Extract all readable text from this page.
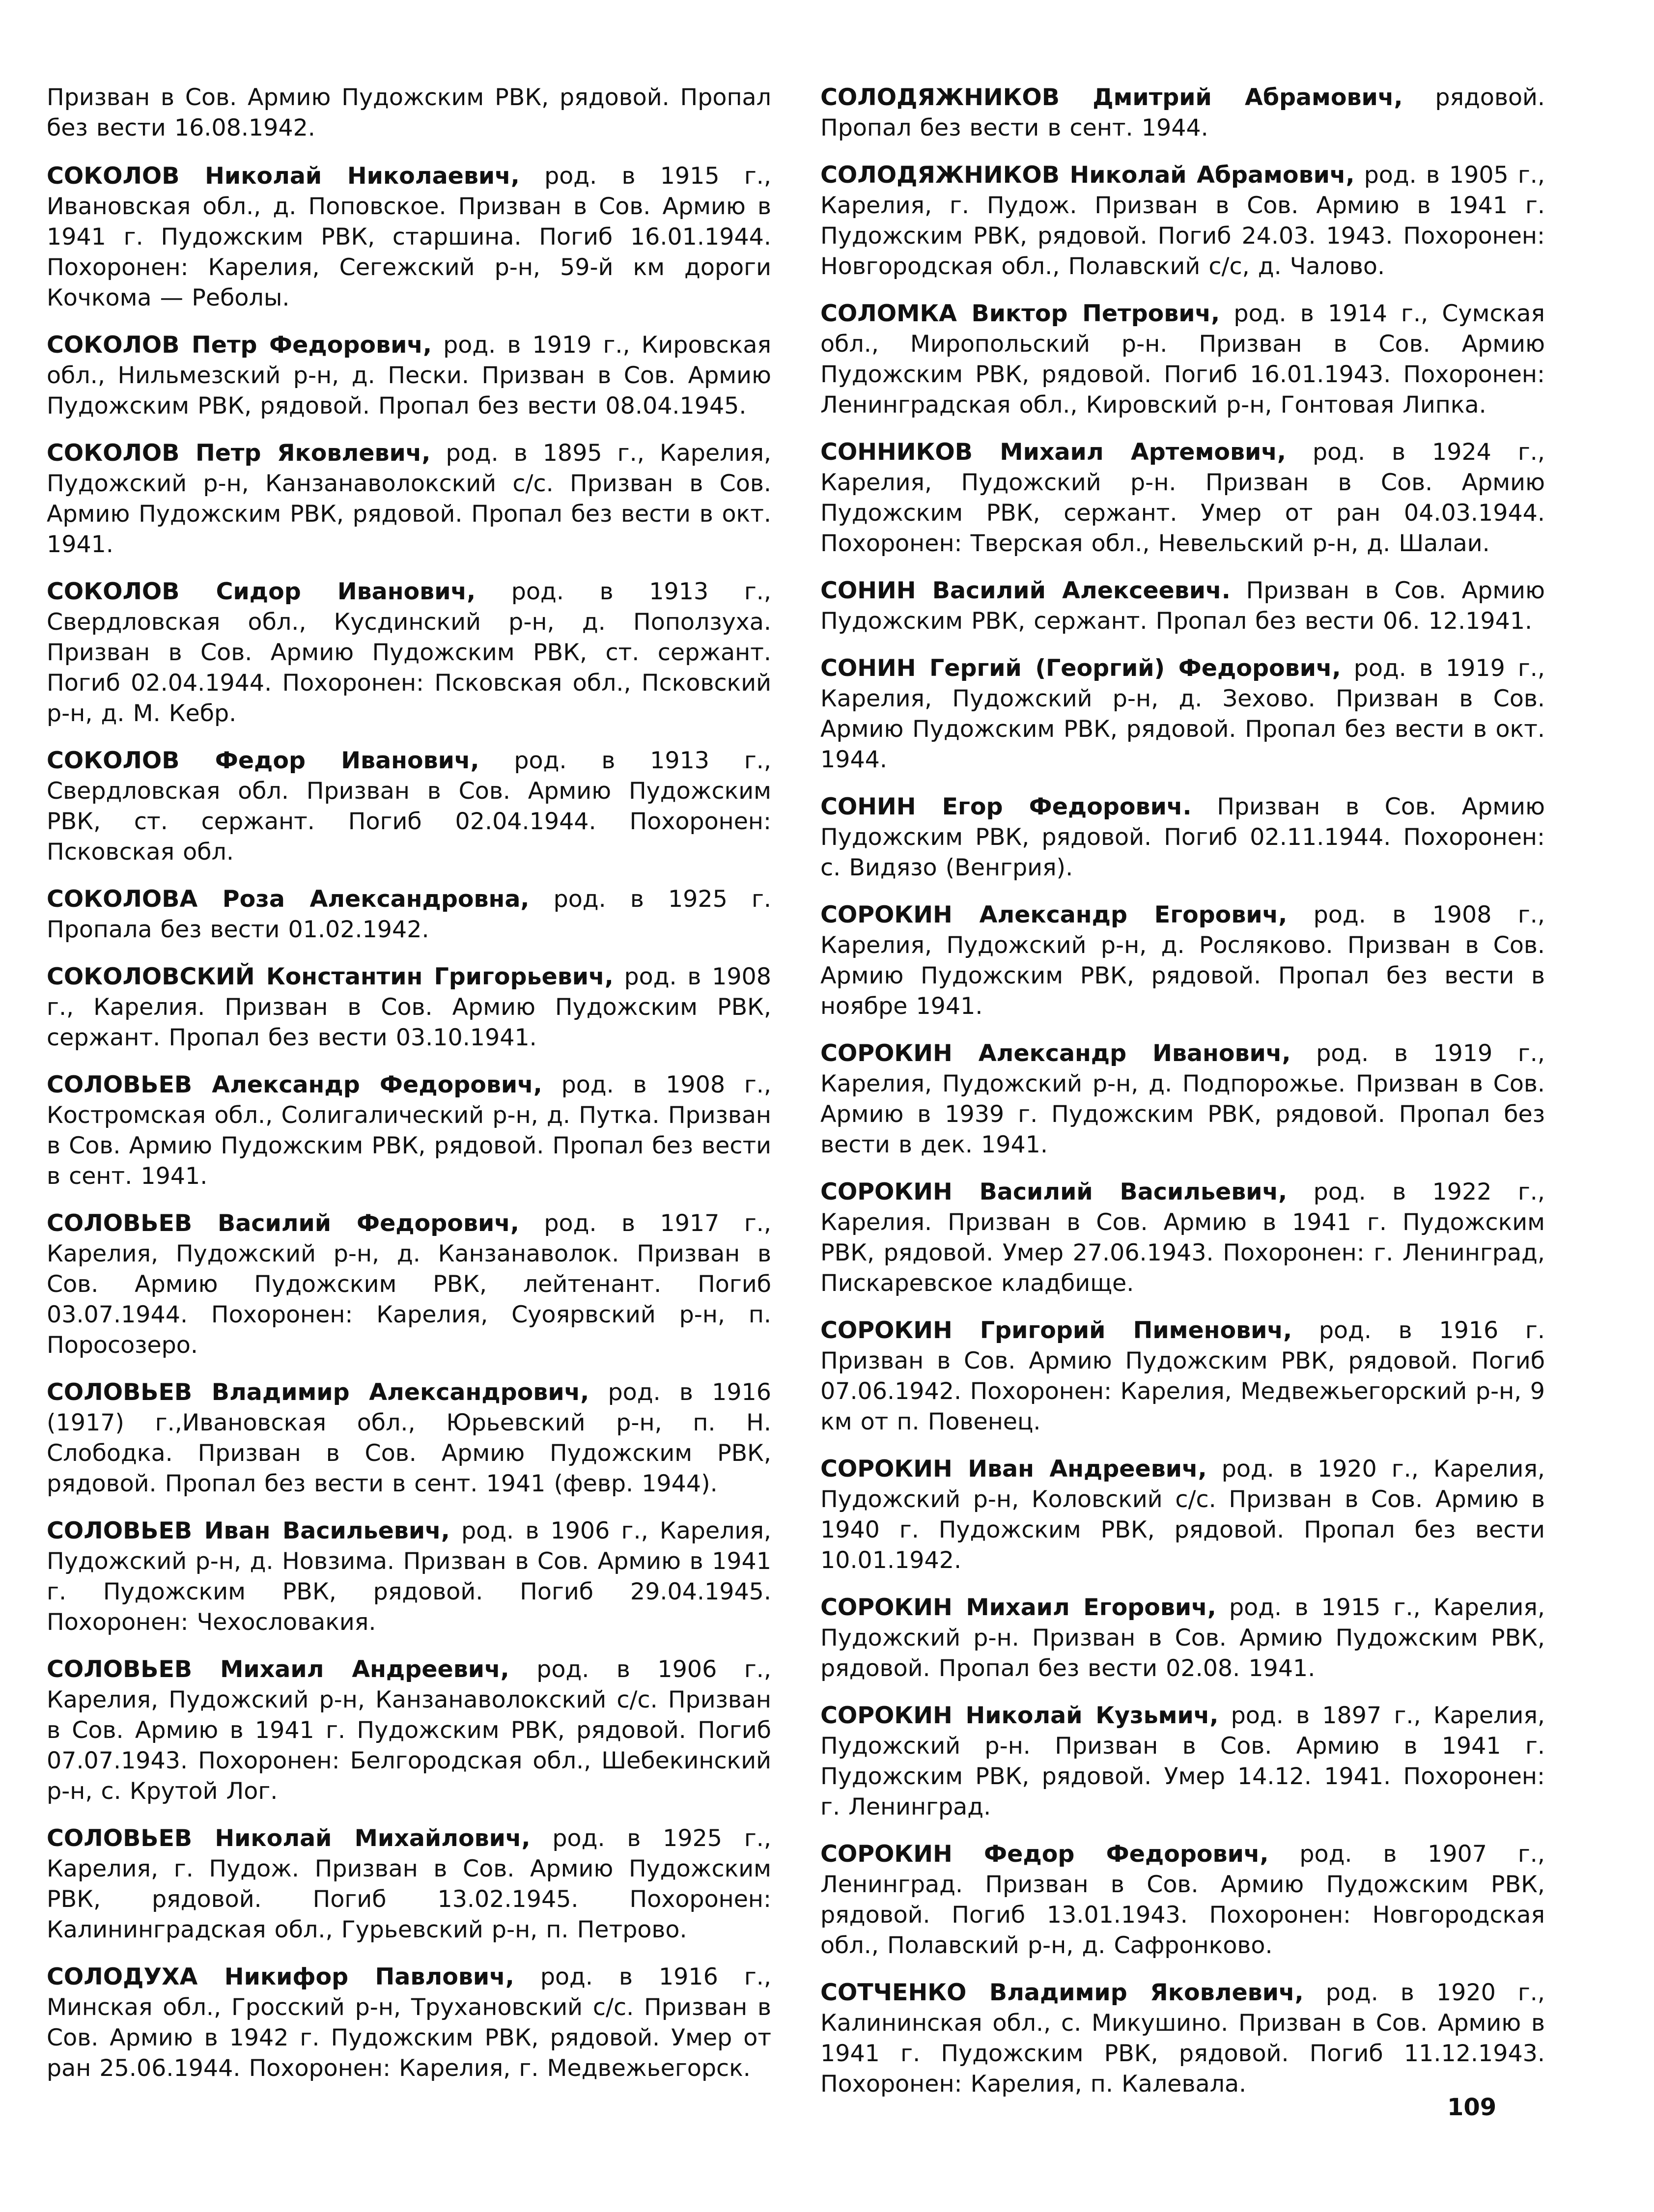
Призван в Сов. Армию Пудожским РВК, рядовой. Пропал без вести 16.08.1942.

СОКОЛОВ Николай Николаевич, род. в 1915 г., Ивановская обл., д. Поповское. Призван в Сов. Армию в 1941 г. Пудожским РВК, старшина. Погиб 16.01.1944. Похоронен: Карелия, Сегежский р-н, 59-й км дороги Кочкома — Реболы.

СОКОЛОВ Петр Федорович, род. в 1919 г., Кировская обл., Нильмезский р-н, д. Пески. Призван в Сов. Армию Пудожским РВК, рядовой. Пропал без вести 08.04.1945.

СОКОЛОВ Петр Яковлевич, род. в 1895 г., Карелия, Пудожский р-н, Канзанаволокский с/с. Призван в Сов. Армию Пудожским РВК, рядовой. Пропал без вести в окт. 1941.

СОКОЛОВ Сидор Иванович, род. в 1913 г., Свердловская обл., Кусдинский р-н, д. Поползуха. Призван в Сов. Армию Пудожским РВК, ст. сержант. Погиб 02.04.1944. Похоронен: Псковская обл., Псковский р-н, д. М. Кебр.

СОКОЛОВ Федор Иванович, род. в 1913 г., Свердловская обл. Призван в Сов. Армию Пудожским РВК, ст. сержант. Погиб 02.04.1944. Похоронен: Псковская обл.

СОКОЛОВА Роза Александровна, род. в 1925 г. Пропала без вести 01.02.1942.

СОКОЛОВСКИЙ Константин Григорьевич, род. в 1908 г., Карелия. Призван в Сов. Армию Пудожским РВК, сержант. Пропал без вести 03.10.1941.

СОЛОВЬЕВ Александр Федорович, род. в 1908 г., Костромская обл., Солигалический р-н, д. Путка. Призван в Сов. Армию Пудожским РВК, рядовой. Пропал без вести в сент. 1941.

СОЛОВЬЕВ Василий Федорович, род. в 1917 г., Карелия, Пудожский р-н, д. Канзанаволок. Призван в Сов. Армию Пудожским РВК, лейтенант. Погиб 03.07.1944. Похоронен: Карелия, Суоярвский р-н, п. Поросозеро.

СОЛОВЬЕВ Владимир Александрович, род. в 1916 (1917) г.,Ивановская обл., Юрьевский р-н, п. Н. Слободка. Призван в Сов. Армию Пудожским РВК, рядовой. Пропал без вести в сент. 1941 (февр. 1944).

СОЛОВЬЕВ Иван Васильевич, род. в 1906 г., Карелия, Пудожский р-н, д. Новзима. Призван в Сов. Армию в 1941 г. Пудожским РВК, рядовой. Погиб 29.04.1945. Похоронен: Чехословакия.

СОЛОВЬЕВ Михаил Андреевич, род. в 1906 г., Карелия, Пудожский р-н, Канзанаволокский с/с. Призван в Сов. Армию в 1941 г. Пудожским РВК, рядовой. Погиб 07.07.1943. Похоронен: Белгородская обл., Шебекинский р-н, с. Крутой Лог.

СОЛОВЬЕВ Николай Михайлович, род. в 1925 г., Карелия, г. Пудож. Призван в Сов. Армию Пудожским РВК, рядовой. Погиб 13.02.1945. Похоронен: Калининградская обл., Гурьевский р-н, п. Петрово.

СОЛОДУХА Никифор Павлович, род. в 1916 г., Минская обл., Гросский р-н, Трухановский с/с. Призван в Сов. Армию в 1942 г. Пудожским РВК, рядовой. Умер от ран 25.06.1944. Похоронен: Карелия, г. Медвежьегорск.

СОЛОДЯЖНИКОВ Дмитрий Абрамович, рядовой. Пропал без вести в сент. 1944.

СОЛОДЯЖНИКОВ Николай Абрамович, род. в 1905 г., Карелия, г. Пудож. Призван в Сов. Армию в 1941 г. Пудожским РВК, рядовой. Погиб 24.03. 1943. Похоронен: Новгородская обл., Полавский с/с, д. Чалово.

СОЛОМКА Виктор Петрович, род. в 1914 г., Сумская обл., Миропольский р-н. Призван в Сов. Армию Пудожским РВК, рядовой. Погиб 16.01.1943. Похоронен: Ленинградская обл., Кировский р-н, Гонтовая Липка.

СОННИКОВ Михаил Артемович, род. в 1924 г., Карелия, Пудожский р-н. Призван в Сов. Армию Пудожским РВК, сержант. Умер от ран 04.03.1944. Похоронен: Тверская обл., Невельский р-н, д. Шалаи.

СОНИН Василий Алексеевич. Призван в Сов. Армию Пудожским РВК, сержант. Пропал без вести 06. 12.1941.

СОНИН Гергий (Георгий) Федорович, род. в 1919 г., Карелия, Пудожский р-н, д. Зехово. Призван в Сов. Армию Пудожским РВК, рядовой. Пропал без вести в окт. 1944.

СОНИН Егор Федорович. Призван в Сов. Армию Пудожским РВК, рядовой. Погиб 02.11.1944. Похоронен: с. Видязо (Венгрия).

СОРОКИН Александр Егорович, род. в 1908 г., Карелия, Пудожский р-н, д. Росляково. Призван в Сов. Армию Пудожским РВК, рядовой. Пропал без вести в ноябре 1941.

СОРОКИН Александр Иванович, род. в 1919 г., Карелия, Пудожский р-н, д. Подпорожье. Призван в Сов. Армию в 1939 г. Пудожским РВК, рядовой. Пропал без вести в дек. 1941.

СОРОКИН Василий Васильевич, род. в 1922 г., Карелия. Призван в Сов. Армию в 1941 г. Пудожским РВК, рядовой. Умер 27.06.1943. Похоронен: г. Ленинград, Пискаревское кладбище.

СОРОКИН Григорий Пименович, род. в 1916 г. Призван в Сов. Армию Пудожским РВК, рядовой. Погиб 07.06.1942. Похоронен: Карелия, Медвежьегорский р-н, 9 км от п. Повенец.

СОРОКИН Иван Андреевич, род. в 1920 г., Карелия, Пудожский р-н, Коловский с/с. Призван в Сов. Армию в 1940 г. Пудожским РВК, рядовой. Пропал без вести 10.01.1942.

СОРОКИН Михаил Егорович, род. в 1915 г., Карелия, Пудожский р-н. Призван в Сов. Армию Пудожским РВК, рядовой. Пропал без вести 02.08. 1941.

СОРОКИН Николай Кузьмич, род. в 1897 г., Карелия, Пудожский р-н. Призван в Сов. Армию в 1941 г. Пудожским РВК, рядовой. Умер 14.12. 1941. Похоронен: г. Ленинград.

СОРОКИН Федор Федорович, род. в 1907 г., Ленинград. Призван в Сов. Армию Пудожским РВК, рядовой. Погиб 13.01.1943. Похоронен: Новгородская обл., Полавский р-н, д. Сафронково.

СОТЧЕНКО Владимир Яковлевич, род. в 1920 г., Калининская обл., с. Микушино. Призван в Сов. Армию в 1941 г. Пудожским РВК, рядовой. Погиб 11.12.1943. Похоронен: Карелия, п. Калевала.

109
